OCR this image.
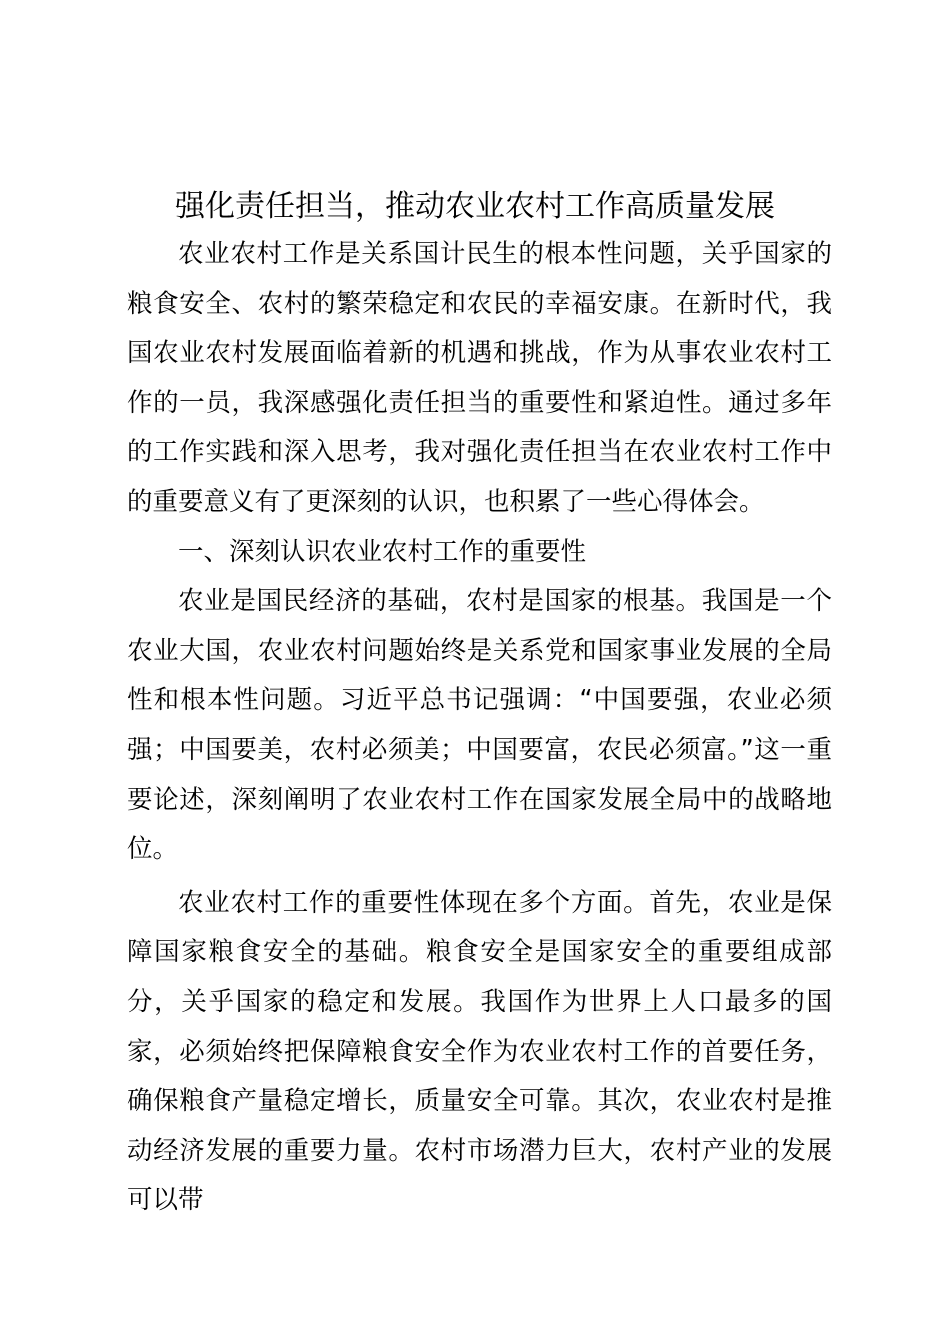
强化责任担当，推动农业农村工作高质量发展

农业农村工作是关系国计民生的根本性问题，关乎国家的粮食安全、农村的繁荣稳定和农民的幸福安康。在新时代，我国农业农村发展面临着新的机遇和挑战，作为从事农业农村工作的一员，我深感强化责任担当的重要性和紧迫性。通过多年的工作实践和深入思考，我对强化责任担当在农业农村工作中的重要意义有了更深刻的认识，也积累了一些心得体会。

一、深刻认识农业农村工作的重要性

农业是国民经济的基础，农村是国家的根基。我国是一个农业大国，农业农村问题始终是关系党和国家事业发展的全局性和根本性问题。习近平总书记强调：“中国要强，农业必须强；中国要美，农村必须美；中国要富，农民必须富。”这一重要论述，深刻阐明了农业农村工作在国家发展全局中的战略地位。

农业农村工作的重要性体现在多个方面。首先，农业是保障国家粮食安全的基础。粮食安全是国家安全的重要组成部分，关乎国家的稳定和发展。我国作为世界上人口最多的国家，必须始终把保障粮食安全作为农业农村工作的首要任务，确保粮食产量稳定增长，质量安全可靠。其次，农业农村是推动经济发展的重要力量。农村市场潜力巨大，农村产业的发展可以带
